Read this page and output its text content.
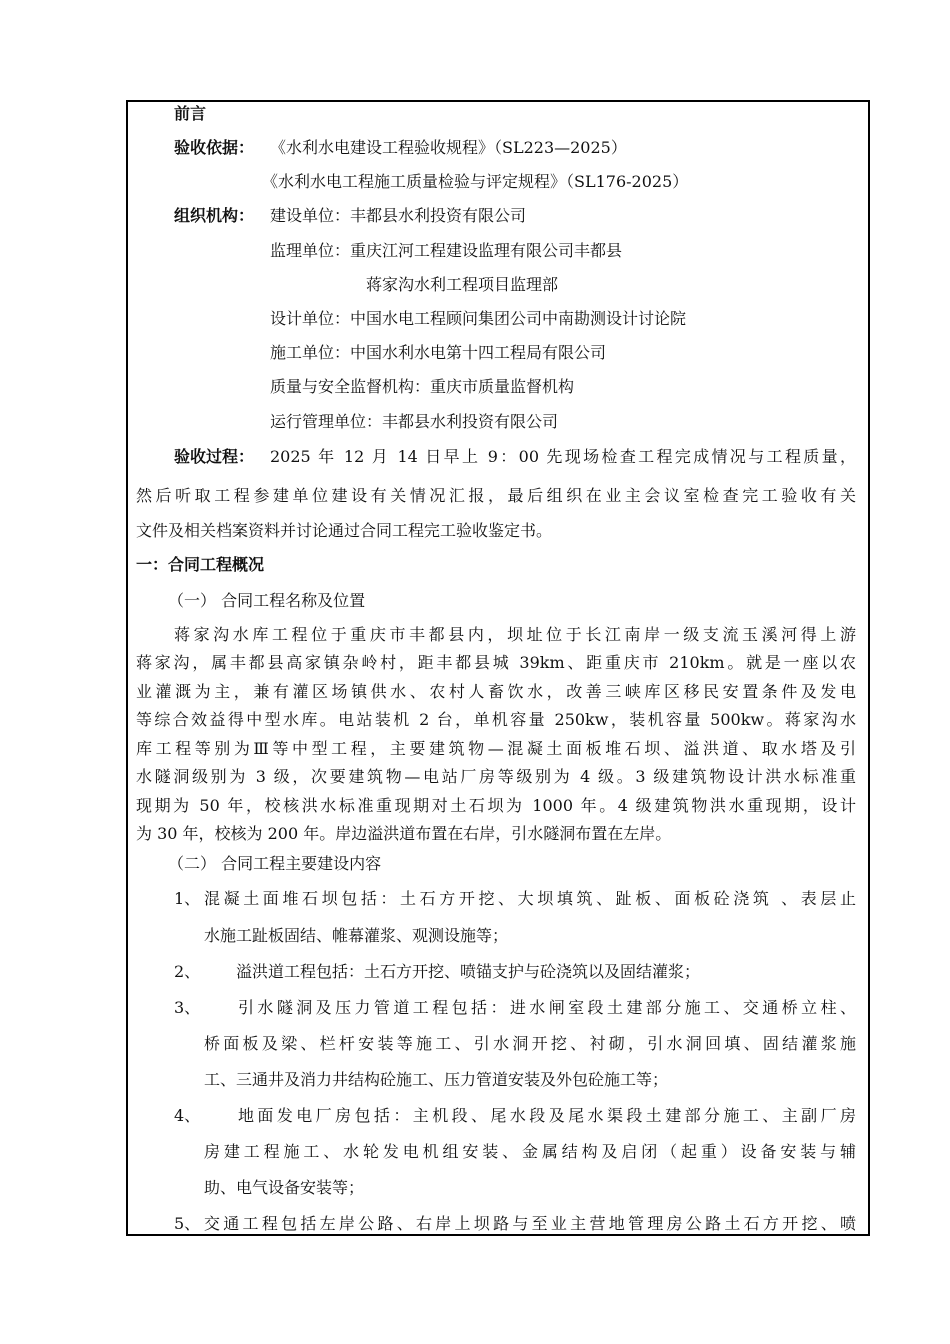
前言
验收依据： 《水利水电建设工程验收规程》（SL223—2025）
《水利水电工程施工质量检验与评定规程》（SL176-2025）
组织机构： 建设单位：丰都县水利投资有限公司
监理单位：重庆江河工程建设监理有限公司丰都县
蒋家沟水利工程项目监理部
设计单位：中国水电工程顾问集团公司中南勘测设计讨论院
施工单位：中国水利水电第十四工程局有限公司
质量与安全监督机构：重庆市质量监督机构
运行管理单位：丰都县水利投资有限公司
验收过程： 2025 年 12 月 14 日早上 9：00 先现场检查工程完成情况与工程质量，
然后听取工程参建单位建设有关情况汇报，最后组织在业主会议室检查完工验收有关
文件及相关档案资料并讨论通过合同工程完工验收鉴定书。
一：合同工程概况
（一） 合同工程名称及位置
蒋家沟水库工程位于重庆市丰都县内，坝址位于长江南岸一级支流玉溪河得上游
蒋家沟，属丰都县高家镇杂岭村，距丰都县城 39km、距重庆市 210km。就是一座以农
业灌溉为主，兼有灌区场镇供水、农村人畜饮水，改善三峡库区移民安置条件及发电
等综合效益得中型水库。电站装机 2 台，单机容量 250kw，装机容量 500kw。蒋家沟水
库工程等别为Ⅲ等中型工程，主要建筑物—混凝土面板堆石坝、溢洪道、取水塔及引
水隧洞级别为 3 级，次要建筑物—电站厂房等级别为 4 级。3 级建筑物设计洪水标准重
现期为 50 年，校核洪水标准重现期对土石坝为 1000 年。4 级建筑物洪水重现期，设计
为 30 年，校核为 200 年。岸边溢洪道布置在右岸，引水隧洞布置在左岸。
（二） 合同工程主要建设内容
1、 混凝土面堆石坝包括：土石方开挖、大坝填筑、趾板、面板砼浇筑 、表层止
水施工趾板固结、帷幕灌浆、观测设施等；
2、 溢洪道工程包括：土石方开挖、喷锚支护与砼浇筑以及固结灌浆；
3、 引水隧洞及压力管道工程包括：进水闸室段土建部分施工、交通桥立柱、
桥面板及梁、栏杆安装等施工、引水洞开挖、衬砌，引水洞回填、固结灌浆施
工、三通井及消力井结构砼施工、压力管道安装及外包砼施工等；
4、 地面发电厂房包括：主机段、尾水段及尾水渠段土建部分施工、主副厂房
房建工程施工、水轮发电机组安装、金属结构及启闭（起重）设备安装与辅
助、电气设备安装等；
5、 交通工程包括左岸公路、右岸上坝路与至业主营地管理房公路土石方开挖、喷
